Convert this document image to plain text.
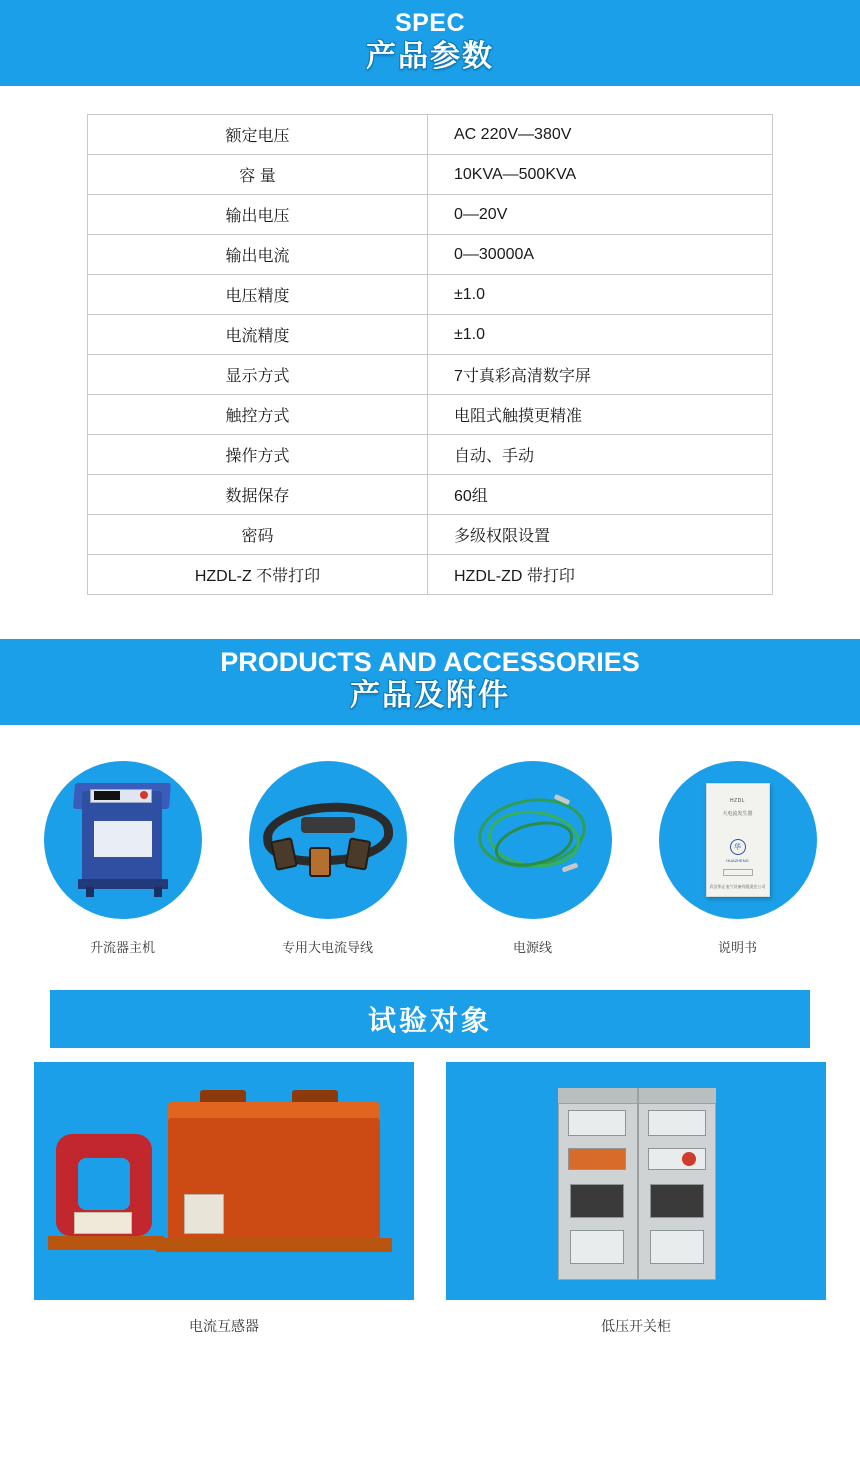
SPEC
产品参数
额定电压	AC 220V—380V
容 量	10KVA—500KVA
输出电压	0—20V
输出电流	0—30000A
电压精度	±1.0
电流精度	±1.0
显示方式	7寸真彩高清数字屏
触控方式	电阻式触摸更精准
操作方式	自动、手动
数据保存	60组
密码	多级权限设置
HZDL-Z 不带打印	HZDL-ZD 带打印
PRODUCTS AND ACCESSORIES
产品及附件
升流器主机	专用大电流导线	电源线
HZDL
大电流发生器
华
HUAZHENG
武汉华正电气设备有限责任公司
说明书
试验对象
电流互感器	低压开关柜
